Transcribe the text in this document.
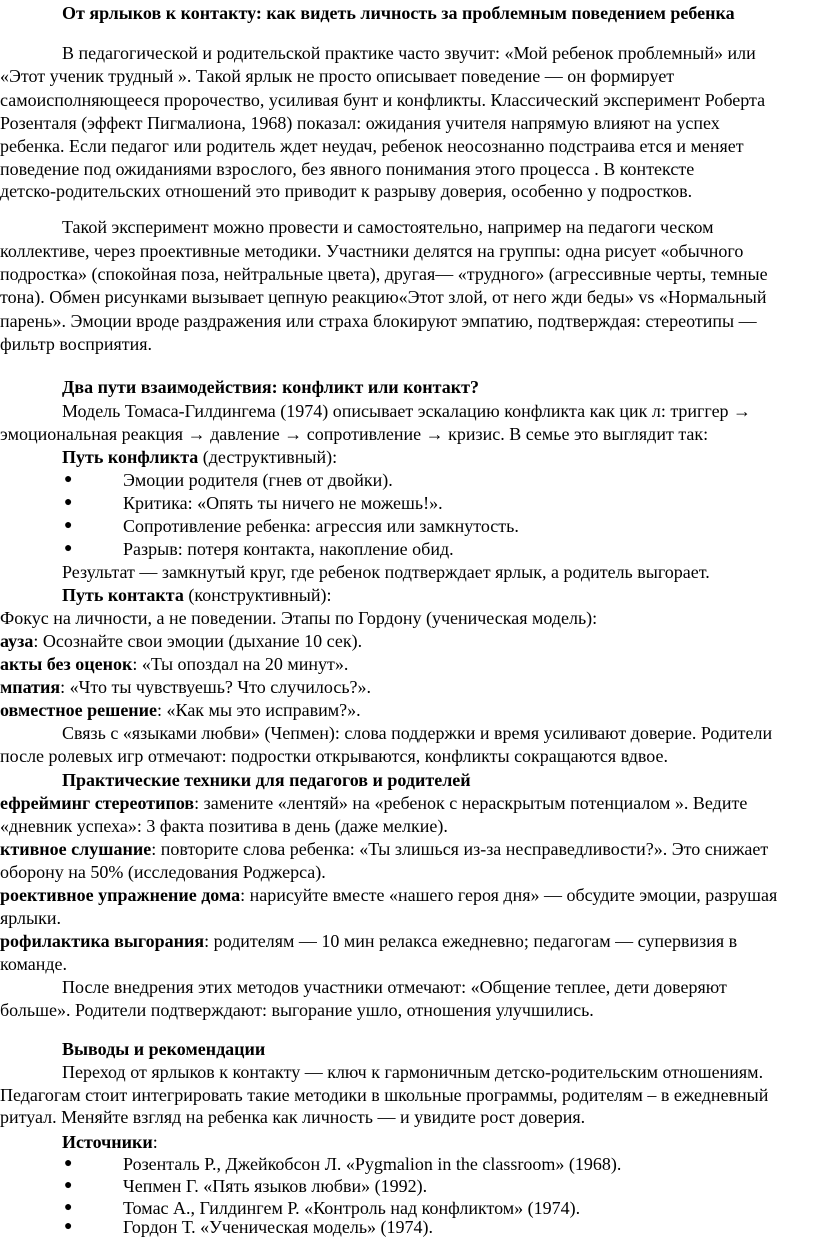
От ярлыков к контакту: как видеть личность за проблемным поведением ребенка
В педагогической и родительской практике часто звучит: «Мой ребенок проблемный» или
«Этот ученик трудный ». Такой ярлык не просто описывает поведение — он формирует
самоисполняющееся пророчество, усиливая бунт и конфликты. Классический эксперимент Роберта
Розенталя (эффект Пигмалиона, 1968) показал: ожидания учителя напрямую влияют на успех
ребенка. Если педагог или родитель ждет неудач, ребенок неосознанно подстраива ется и меняет
поведение под ожиданиями взрослого, без явного понимания этого процесса . В контексте
детско-родительских отношений это приводит к разрыву доверия, особенно у подростков.
Такой эксперимент можно провести и самостоятельно, например на педагоги ческом
коллективе, через проективные методики. Участники делятся на группы: одна рисует «обычного
подростка» (спокойная поза, нейтральные цвета), другая— «трудного» (агрессивные черты, темные
тона). Обмен рисунками вызывает цепную реакцию«Этот злой, от него жди беды» vs «Нормальный
парень». Эмоции вроде раздражения или страха блокируют эмпатию, подтверждая: стереотипы —
фильтр восприятия.
Два пути взаимодействия: конфликт или контакт?
Модель Томаса-Гилдингема (1974) описывает эскалацию конфликта как цик л: триггер →
эмоциональная реакция → давление → сопротивление → кризис. В семье это выглядит так:
Путь конфликта (деструктивный):
●	Эмоции родителя (гнев от двойки).
●	Критика: «Опять ты ничего не можешь!».
●	Сопротивление ребенка: агрессия или замкнутость.
●	Разрыв: потеря контакта, накопление обид.
Результат — замкнутый круг, где ребенок подтверждает ярлык, а родитель выгорает.
Путь контакта (конструктивный):
Фокус на личности, а не поведении. Этапы по Гордону (ученическая модель):
ауза: Осознайте свои эмоции (дыхание 10 сек).
акты без оценок: «Ты опоздал на 20 минут».
мпатия: «Что ты чувствуешь? Что случилось?».
овместное решение: «Как мы это исправим?».
Связь с «языками любви» (Чепмен): слова поддержки и время усиливают доверие. Родители
после ролевых игр отмечают: подростки открываются, конфликты сокращаются вдвое.
Практические техники для педагогов и родителей
ефрейминг стереотипов: замените «лентяй» на «ребенок с нераскрытым потенциалом ». Ведите
«дневник успеха»: 3 факта позитива в день (даже мелкие).
ктивное слушание: повторите слова ребенка: «Ты злишься из-за несправедливости?». Это снижает
оборону на 50% (исследования Роджерса).
роективное упражнение дома: нарисуйте вместе «нашего героя дня» — обсудите эмоции, разрушая
ярлыки.
рофилактика выгорания: родителям — 10 мин релакса ежедневно; педагогам — супервизия в
команде.
После внедрения этих методов участники отмечают: «Общение теплее, дети доверяют
больше». Родители подтверждают: выгорание ушло, отношения улучшились.
Выводы и рекомендации
Переход от ярлыков к контакту — ключ к гармоничным детско-родительским отношениям.
Педагогам стоит интегрировать такие методики в школьные программы, родителям – в ежедневный
ритуал. Меняйте взгляд на ребенка как личность — и увидите рост доверия.
Источники:
●	Розенталь Р., Джейкобсон Л. «Pygmalion in the classroom» (1968).
●	Чепмен Г. «Пять языков любви» (1992).
●	Томас А., Гилдингем Р. «Контроль над конфликтом» (1974).
●	Гордон Т. «Ученическая модель» (1974).
